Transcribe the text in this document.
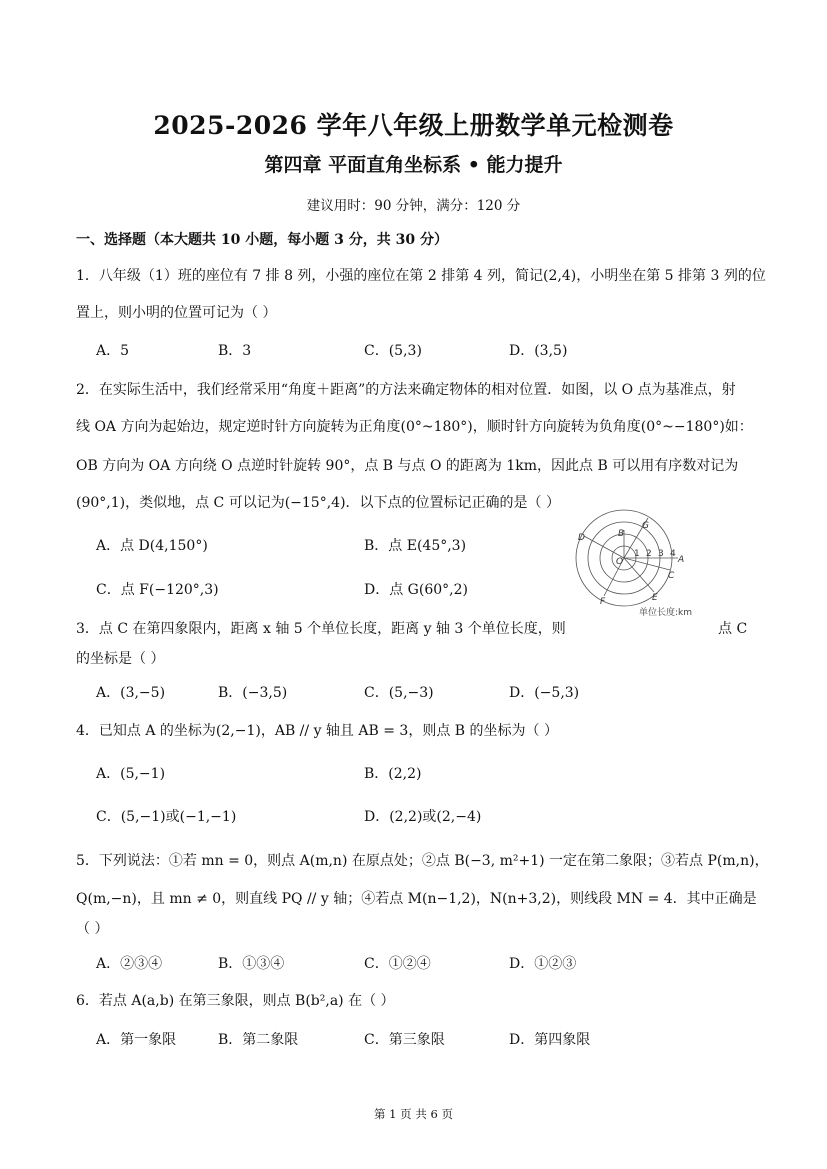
2025-2026 学年八年级上册数学单元检测卷
第四章 平面直角坐标系 • 能力提升
建议用时：90 分钟，满分：120 分
一、选择题（本大题共 10 小题，每小题 3 分，共 30 分）
1．八年级（1）班的座位有 7 排 8 列，小强的座位在第 2 排第 4 列，简记(2,4)，小明坐在第 5 排第 3 列的位
置上，则小明的位置可记为（ ）
A．5	B．3	C．(5,3)	D．(3,5)
2．在实际生活中，我们经常采用“角度＋距离”的方法来确定物体的相对位置．如图，以 O 点为基准点，射
线 OA 方向为起始边，规定逆时针方向旋转为正角度(0°~180°)，顺时针方向旋转为负角度(0°~−180°)如：
OB 方向为 OA 方向绕 O 点逆时针旋转 90°，点 B 与点 O 的距离为 1km，因此点 B 可以用有序数对记为
(90°,1)，类似地，点 C 可以记为(−15°,4)．以下点的位置标记正确的是（ ）
A．点 D(4,150°)	B．点 E(45°,3)
C．点 F(−120°,3)	D．点 G(60°,2)
D	B
G
O
1 2 3 4
A
C
E
F
单位长度:km
3．点 C 在第四象限内，距离 x 轴 5 个单位长度，距离 y 轴 3 个单位长度，则	点 C
的坐标是（ ）
A．(3,−5)	B．(−3,5)	C．(5,−3)	D．(−5,3)
4．已知点 A 的坐标为(2,−1)，AB // y 轴且 AB = 3，则点 B 的坐标为（ ）
A．(5,−1)	B．(2,2)
C．(5,−1)或(−1,−1)	D．(2,2)或(2,−4)
5．下列说法：①若 mn = 0，则点 A(m,n) 在原点处；②点 B(−3, m²+1) 一定在第二象限；③若点 P(m,n)，
Q(m,−n)，且 mn ≠ 0，则直线 PQ // y 轴；④若点 M(n−1,2)，N(n+3,2)，则线段 MN = 4．其中正确是
（ ）
A．②③④	B．①③④	C．①②④	D．①②③
6．若点 A(a,b) 在第三象限，则点 B(b²,a) 在（ ）
A．第一象限	B．第二象限	C．第三象限	D．第四象限
第 1 页 共 6 页
